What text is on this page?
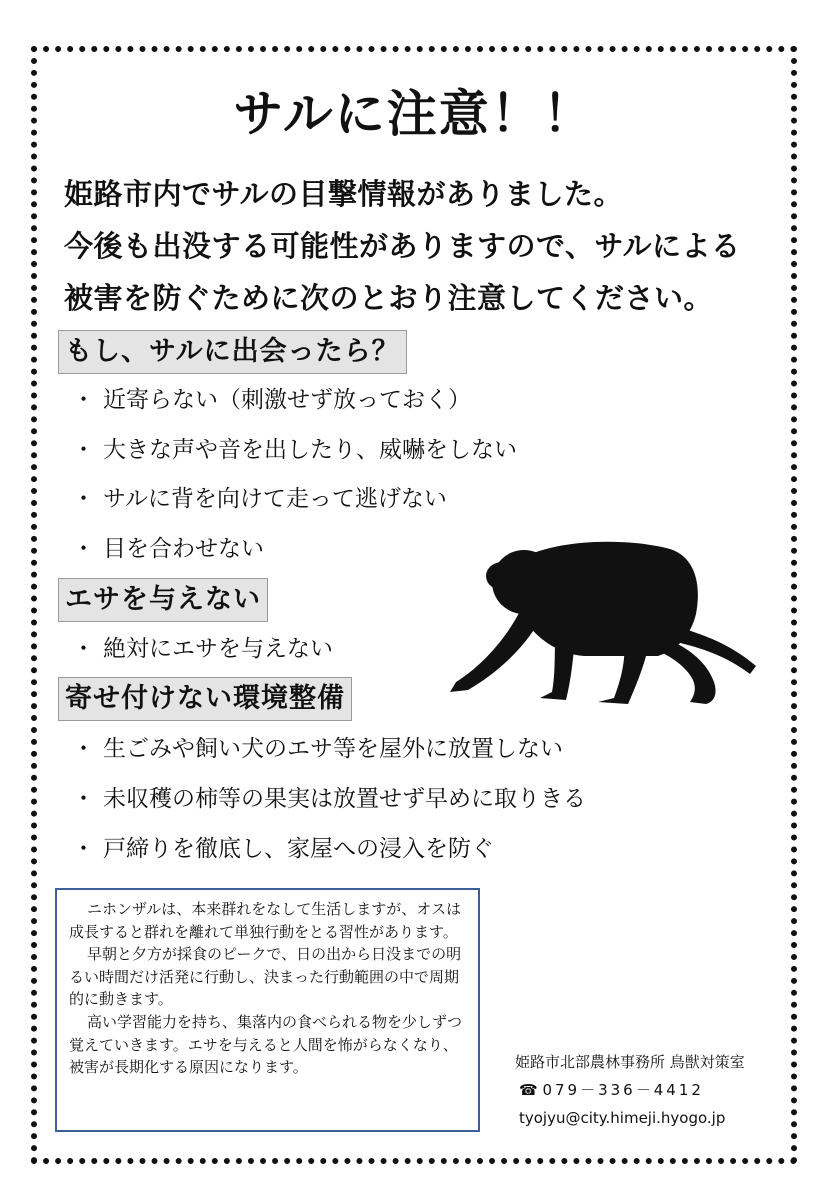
サルに注意！！
姫路市内でサルの目撃情報がありました。
今後も出没する可能性がありますので、サルによる
被害を防ぐために次のとおり注意してください。
もし、サルに出会ったら？
・ 近寄らない（刺激せず放っておく）
・ 大きな声や音を出したり、威嚇をしない
・ サルに背を向けて走って逃げない
・ 目を合わせない
エサを与えない
・ 絶対にエサを与えない
寄せ付けない環境整備
・ 生ごみや飼い犬のエサ等を屋外に放置しない
・ 未収穫の柿等の果実は放置せず早めに取りきる
・ 戸締りを徹底し、家屋への浸入を防ぐ

ニホンザルは、本来群れをなして生活しますが、オスは成長すると群れを離れて単独行動をとる習性があります。

早朝と夕方が採食のピークで、日の出から日没までの明るい時間だけ活発に行動し、決まった行動範囲の中で周期的に動きます。

高い学習能力を持ち、集落内の食べられる物を少しずつ覚えていきます。エサを与えると人間を怖がらなくなり、被害が長期化する原因になります。	姫路市北部農林事務所 鳥獣対策室
☎ 079－336－4412
tyojyu@city.himeji.hyogo.jp
